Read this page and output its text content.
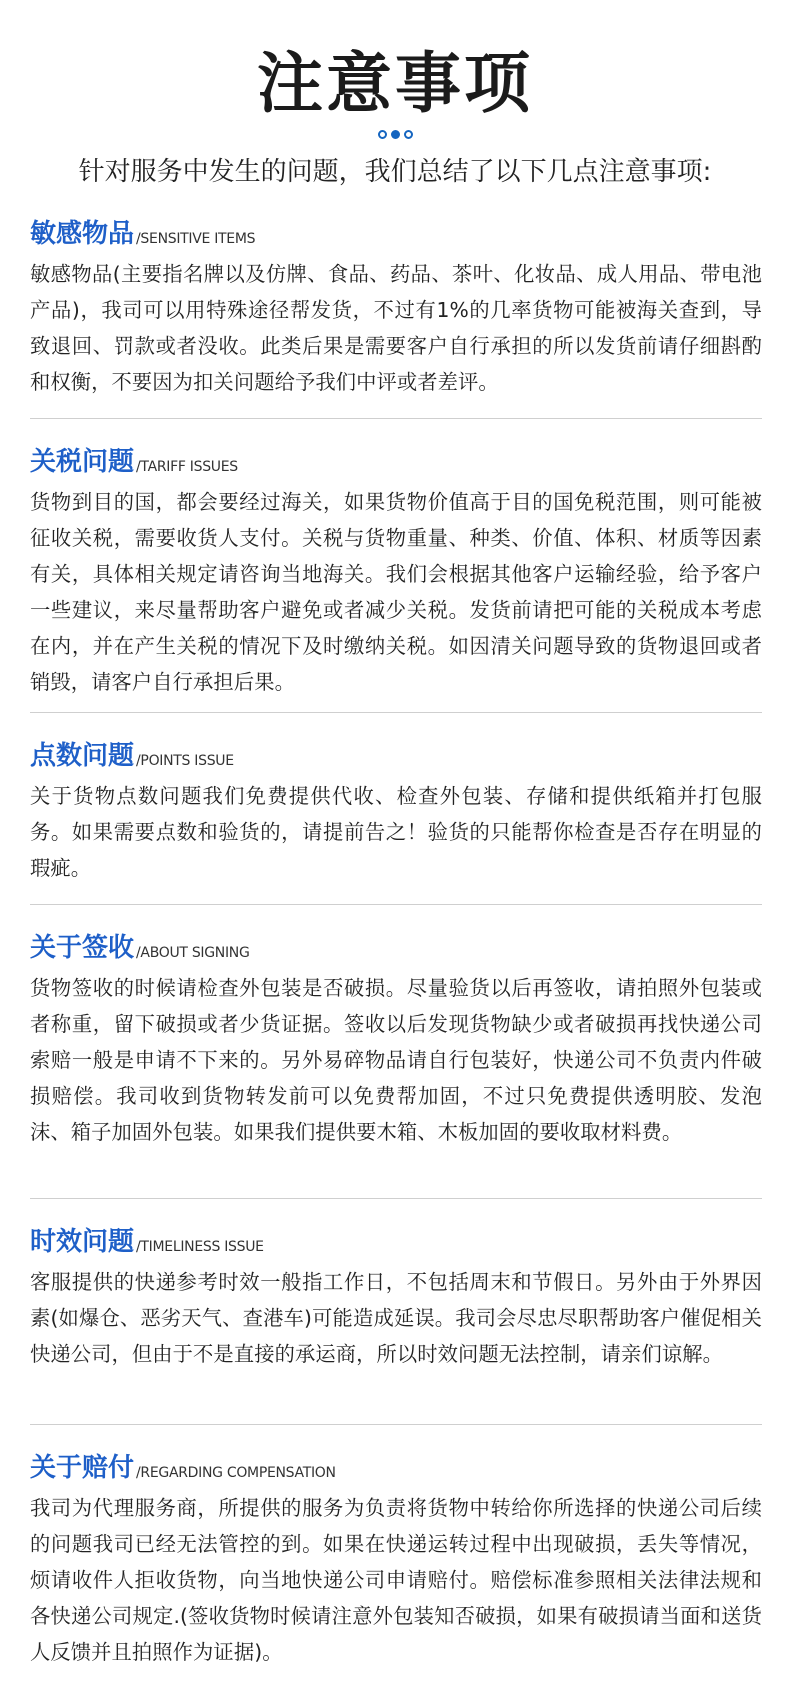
注意事项
针对服务中发生的问题，我们总结了以下几点注意事项:
敏感物品 /SENSITIVE ITEMS
敏感物品(主要指名牌以及仿牌、食品、药品、茶叶、化妆品、成人用品、带电池产品)，我司可以用特殊途径帮发货，不过有1%的几率货物可能被海关查到，导致退回、罚款或者没收。此类后果是需要客户自行承担的所以发货前请仔细斟酌和权衡，不要因为扣关问题给予我们中评或者差评。
关税问题 /TARIFF ISSUES
货物到目的国，都会要经过海关，如果货物价值高于目的国免税范围，则可能被征收关税，需要收货人支付。关税与货物重量、种类、价值、体积、材质等因素有关，具体相关规定请咨询当地海关。我们会根据其他客户运输经验，给予客户一些建议，来尽量帮助客户避免或者减少关税。发货前请把可能的关税成本考虑在内，并在产生关税的情况下及时缴纳关税。如因清关问题导致的货物退回或者销毁，请客户自行承担后果。
点数问题 /POINTS ISSUE
关于货物点数问题我们免费提供代收、检查外包装、存储和提供纸箱并打包服务。如果需要点数和验货的，请提前告之！验货的只能帮你检查是否存在明显的瑕疵。
关于签收 /ABOUT SIGNING
货物签收的时候请检查外包装是否破损。尽量验货以后再签收，请拍照外包装或者称重，留下破损或者少货证据。签收以后发现货物缺少或者破损再找快递公司索赔一般是申请不下来的。另外易碎物品请自行包装好，快递公司不负责内件破损赔偿。我司收到货物转发前可以免费帮加固，不过只免费提供透明胶、发泡沫、箱子加固外包装。如果我们提供要木箱、木板加固的要收取材料费。
时效问题 /TIMELINESS ISSUE
客服提供的快递参考时效一般指工作日，不包括周末和节假日。另外由于外界因素(如爆仓、恶劣天气、查港车)可能造成延误。我司会尽忠尽职帮助客户催促相关快递公司，但由于不是直接的承运商，所以时效问题无法控制，请亲们谅解。
关于赔付 /REGARDING COMPENSATION
我司为代理服务商，所提供的服务为负责将货物中转给你所选择的快递公司后续的问题我司已经无法管控的到。如果在快递运转过程中出现破损，丢失等情况，烦请收件人拒收货物，向当地快递公司申请赔付。赔偿标准参照相关法律法规和各快递公司规定.(签收货物时候请注意外包装知否破损，如果有破损请当面和送货人反馈并且拍照作为证据)。
